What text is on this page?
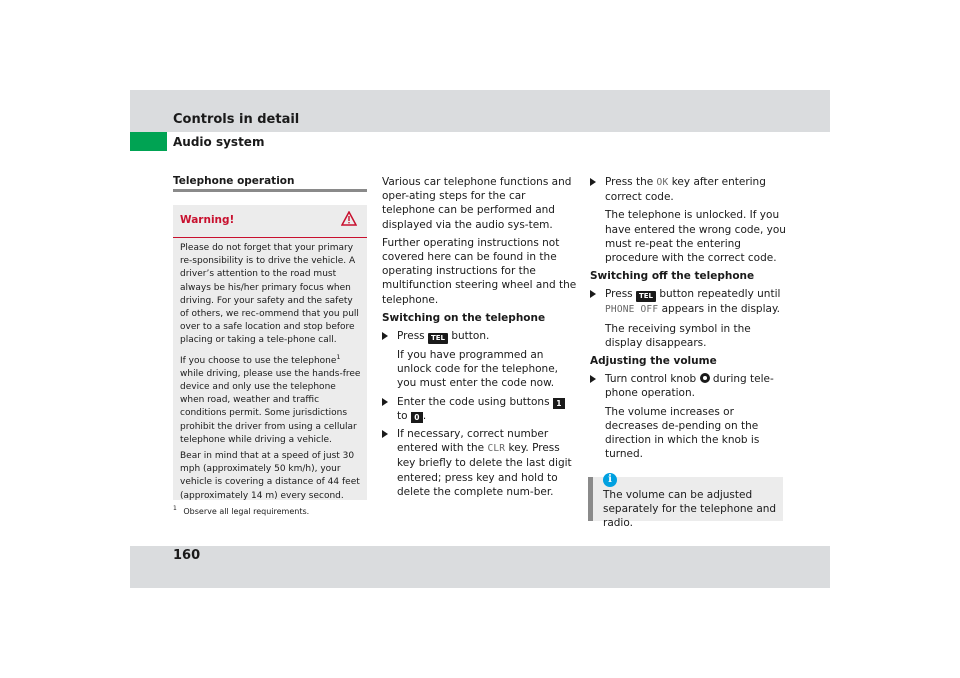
Controls in detail
Audio system
Telephone operation
Warning!

Please do not forget that your primary re-sponsibility is to drive the vehicle. A driver’s attention to the road must always be his/her primary focus when driving. For your safety and the safety of others, we rec-ommend that you pull over to a safe location and stop before placing or taking a tele-phone call.

If you choose to use the telephone$^1$ while driving, please use the hands-free device and only use the telephone when road, weather and traffic conditions permit. Some jurisdictions prohibit the driver from using a cellular telephone while driving a vehicle.

Bear in mind that at a speed of just 30 mph (approximately 50 km/h), your vehicle is covering a distance of 44 feet (approximately 14 m) every second.

$^1$ Observe all legal requirements.

Various car telephone functions and oper-ating steps for the car telephone can be performed and displayed via the audio sys-tem.

Further operating instructions not covered here can be found in the operating instructions for the multifunction steering wheel and the telephone.

Switching on the telephone

Press TEL button.

If you have programmed an unlock code for the telephone, you must enter the code now.

Enter the code using buttons 1
to 0 .
If necessary, correct number entered with the CLR key. Press key briefly to delete the last digit entered; press key and hold to delete the complete num-ber.
Press the OK key after entering correct code.

The telephone is unlocked. If you have entered the wrong code, you must re-peat the entering procedure with the correct code.

Switching off the telephone

Press TEL button repeatedly until
PHONE OFF appears in the display.

The receiving symbol in the display disappears.

Adjusting the volume

Turn control knob  during tele-phone operation.

The volume increases or decreases de-pending on the direction in which the knob is turned.

i
The volume can be adjusted separately for the telephone and radio.
160
